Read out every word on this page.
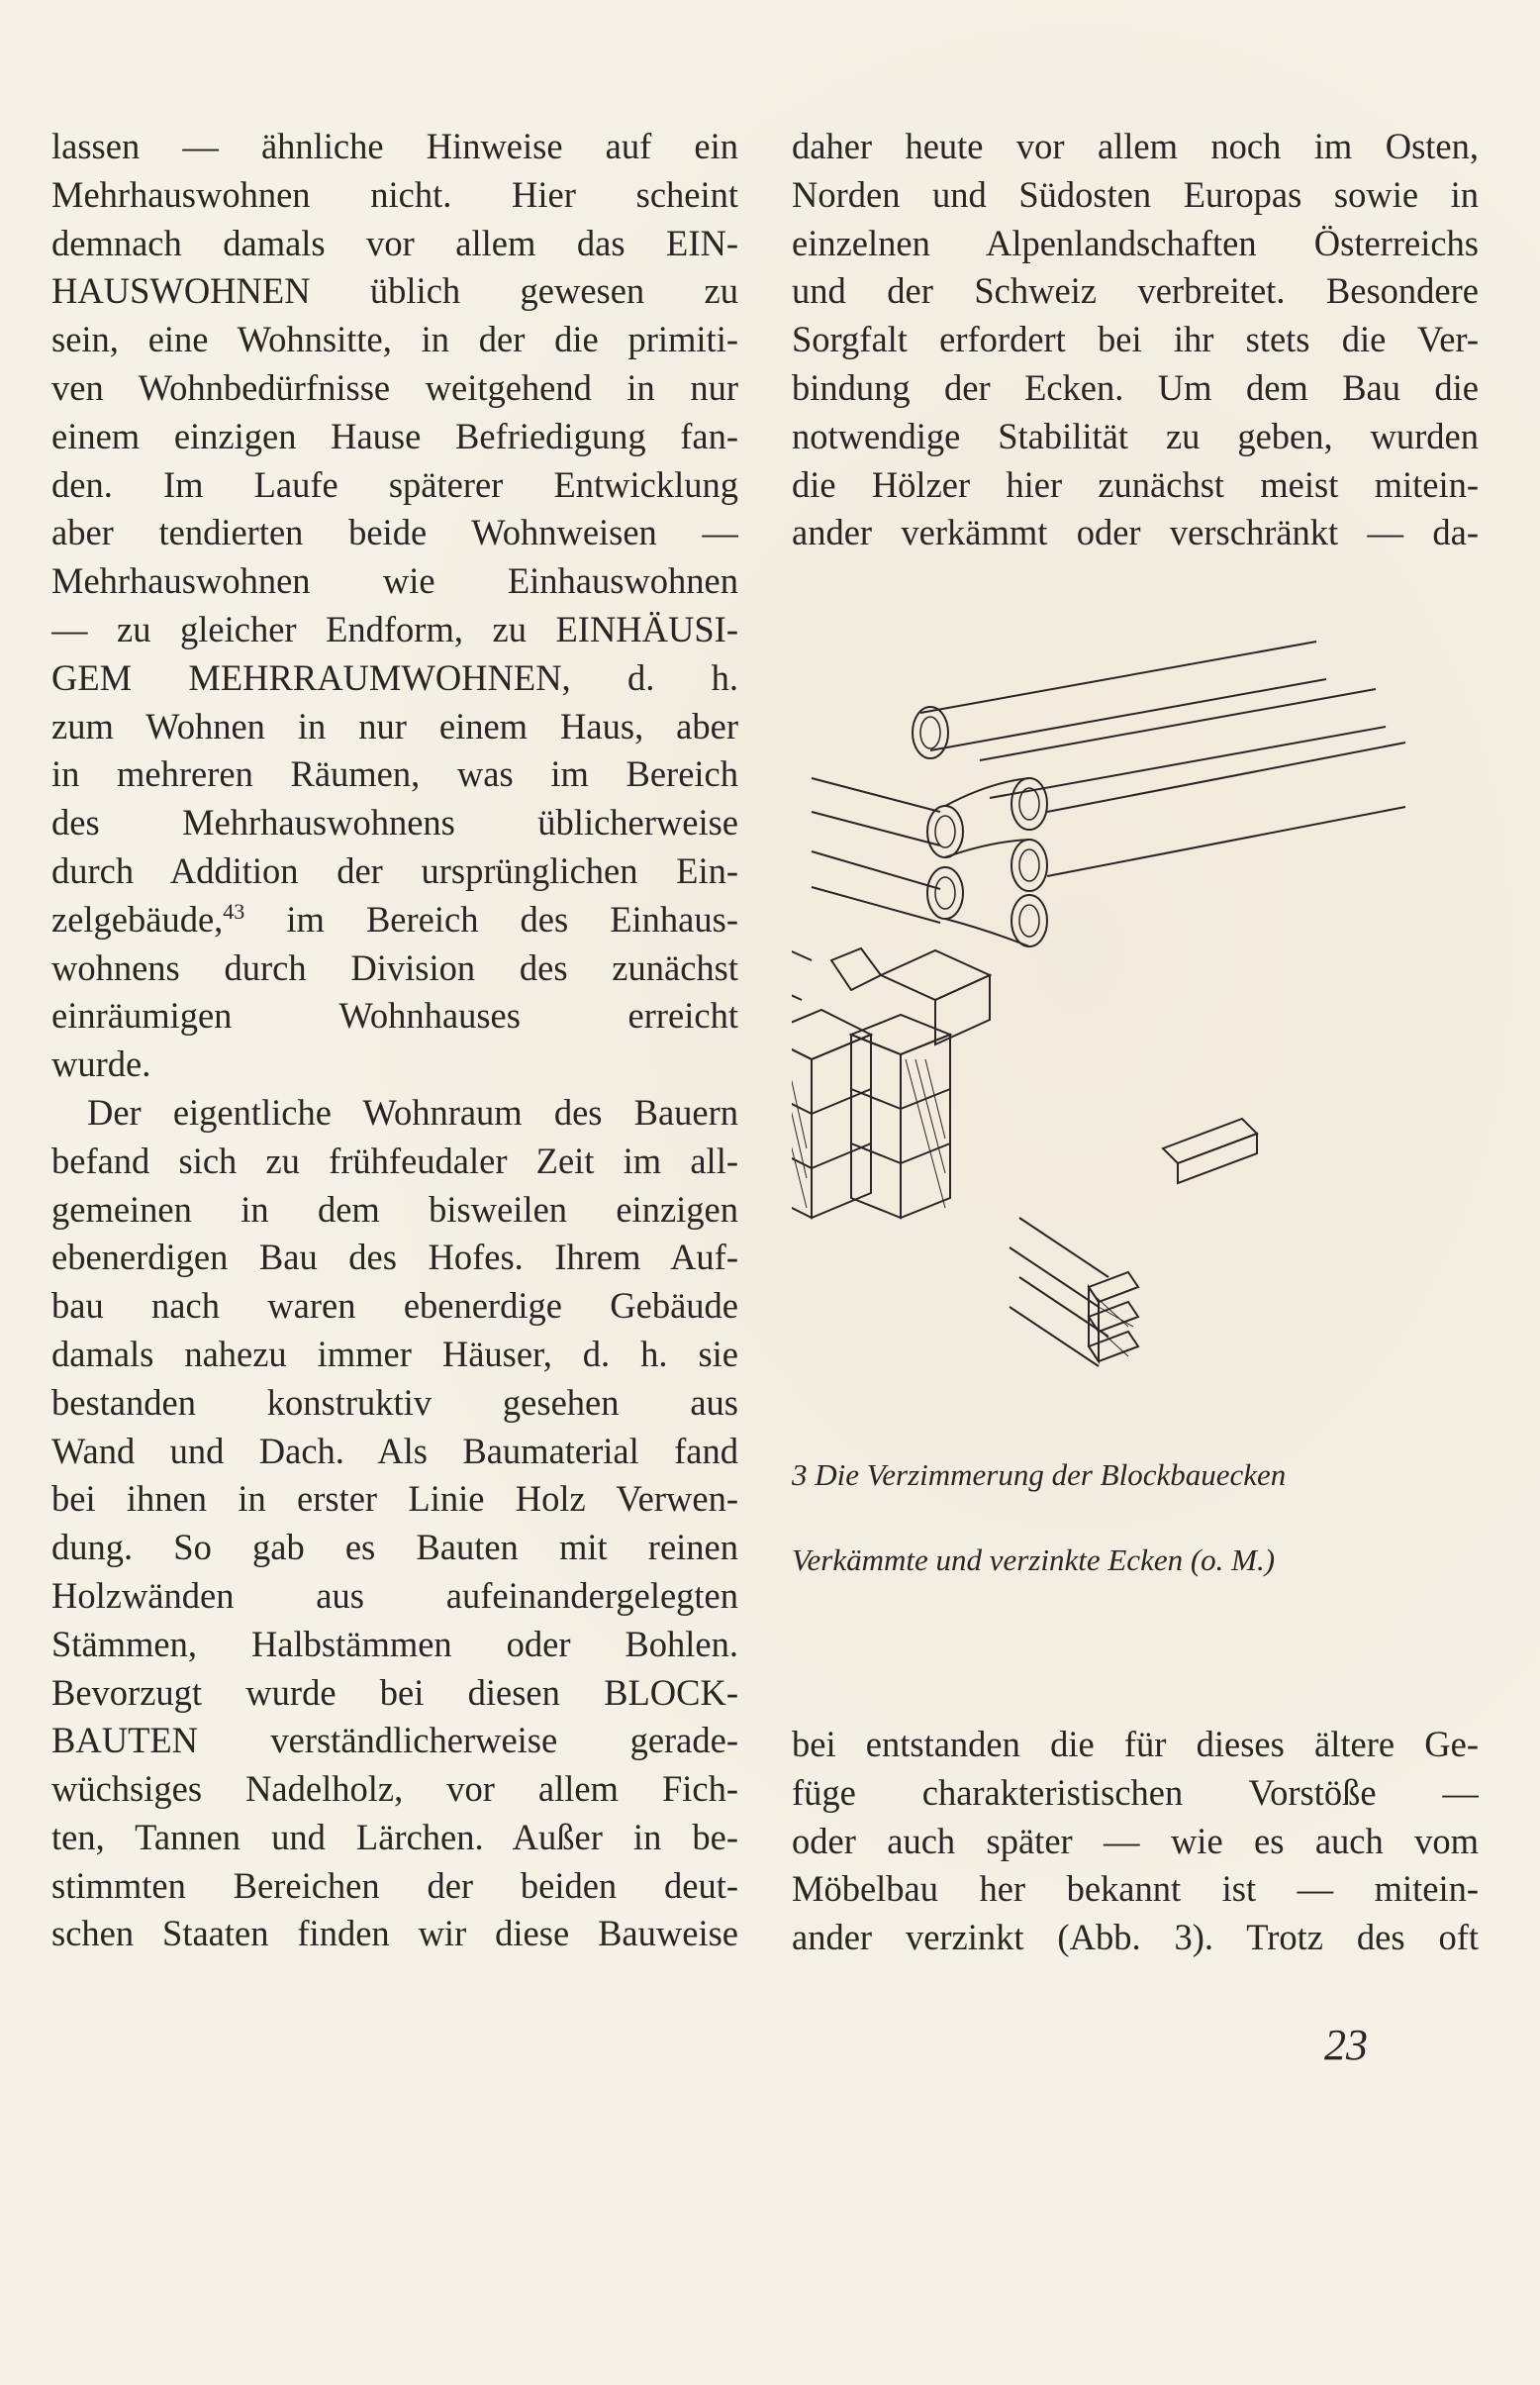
lassen — ähnliche Hinweise auf ein
Mehrhauswohnen nicht. Hier scheint
demnach damals vor allem das EIN-
HAUSWOHNEN üblich gewesen zu
sein, eine Wohnsitte, in der die primiti-
ven Wohnbedürfnisse weitgehend in nur
einem einzigen Hause Befriedigung fan-
den. Im Laufe späterer Entwicklung
aber tendierten beide Wohnweisen —
Mehrhauswohnen wie Einhauswohnen
— zu gleicher Endform, zu EINHÄUSI-
GEM MEHRRAUMWOHNEN, d. h.
zum Wohnen in nur einem Haus, aber
in mehreren Räumen, was im Bereich
des Mehrhauswohnens üblicherweise
durch Addition der ursprünglichen Ein-
zelgebäude,$^{43}$ im Bereich des Einhaus-
wohnens durch Division des zunächst
einräumigen Wohnhauses erreicht
wurde.
Der eigentliche Wohnraum des Bauern
befand sich zu frühfeudaler Zeit im all-
gemeinen in dem bisweilen einzigen
ebenerdigen Bau des Hofes. Ihrem Auf-
bau nach waren ebenerdige Gebäude
damals nahezu immer Häuser, d. h. sie
bestanden konstruktiv gesehen aus
Wand und Dach. Als Baumaterial fand
bei ihnen in erster Linie Holz Verwen-
dung. So gab es Bauten mit reinen
Holzwänden aus aufeinandergelegten
Stämmen, Halbstämmen oder Bohlen.
Bevorzugt wurde bei diesen BLOCK-
BAUTEN verständlicherweise gerade-
wüchsiges Nadelholz, vor allem Fich-
ten, Tannen und Lärchen. Außer in be-
stimmten Bereichen der beiden deut-
schen Staaten finden wir diese Bauweise
daher heute vor allem noch im Osten,
Norden und Südosten Europas sowie in
einzelnen Alpenlandschaften Österreichs
und der Schweiz verbreitet. Besondere
Sorgfalt erfordert bei ihr stets die Ver-
bindung der Ecken. Um dem Bau die
notwendige Stabilität zu geben, wurden
die Hölzer hier zunächst meist mitein-
ander verkämmt oder verschränkt — da-
3 Die Verzimmerung der Blockbauecken
Verkämmte und verzinkte Ecken (o. M.)
bei entstanden die für dieses ältere Ge-
füge charakteristischen Vorstöße —
oder auch später — wie es auch vom
Möbelbau her bekannt ist — mitein-
ander verzinkt (Abb. 3). Trotz des oft
23
